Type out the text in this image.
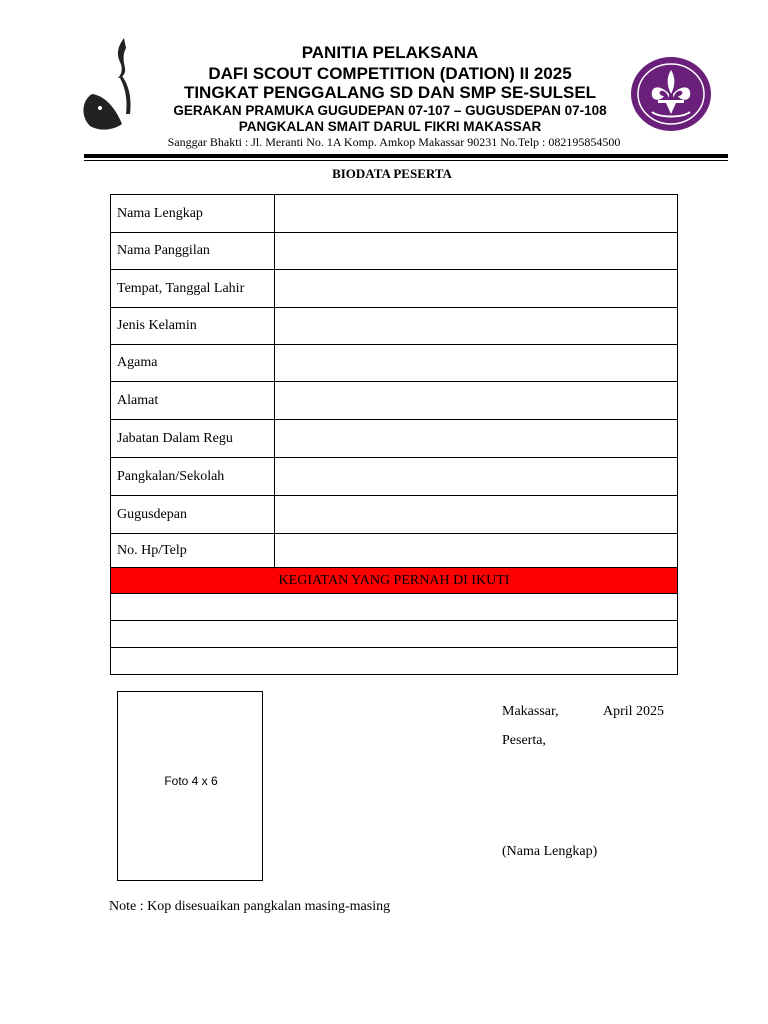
PANITIA PELAKSANA
DAFI SCOUT COMPETITION (DATION) II 2025
TINGKAT PENGGALANG SD DAN SMP SE-SULSEL
GERAKAN PRAMUKA GUGUDEPAN 07-107 – GUGUSDEPAN 07-108
PANGKALAN SMAIT DARUL FIKRI MAKASSAR
Sanggar Bhakti : Jl. Meranti No. 1A Komp. Amkop Makassar 90231 No.Telp : 082195854500
BIODATA PESERTA
Nama Lengkap
Nama Panggilan
Tempat, Tanggal Lahir
Jenis Kelamin
Agama
Alamat
Jabatan Dalam Regu
Pangkalan/Sekolah
Gugusdepan
No. Hp/Telp
KEGIATAN YANG PERNAH DI IKUTI
Foto 4 x 6
Makassar,	April 2025
Peserta,
(Nama Lengkap)
Note : Kop disesuaikan pangkalan masing-masing
